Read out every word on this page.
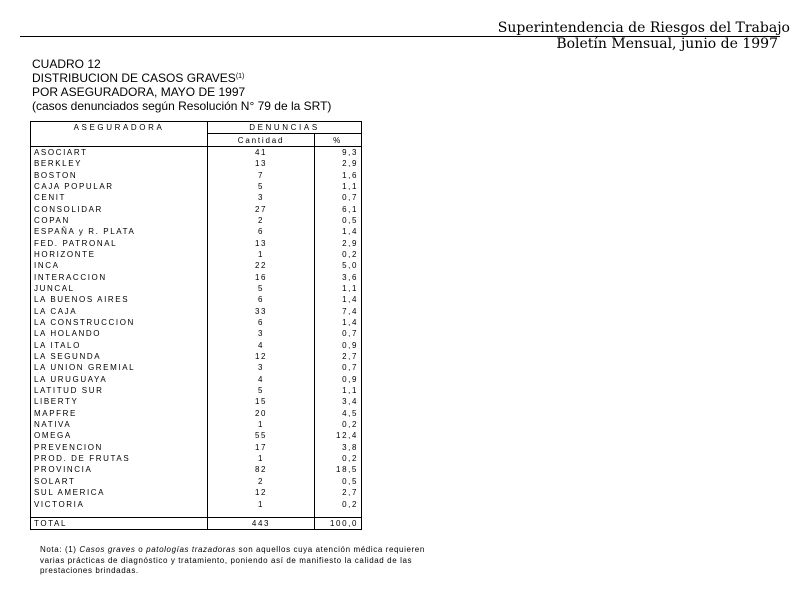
Superintendencia de Riesgos del Trabajo
Boletín Mensual, junio de 1997
CUADRO 12
DISTRIBUCION DE CASOS GRAVES$^{(1)}$
POR ASEGURADORA, MAYO DE 1997
(casos denunciados según Resolución N° 79 de la SRT)
ASEGURADORA	DENUNCIAS	
	Cantidad	%
ASOCIART	41	9,3
BERKLEY	13	2,9
BOSTON	7	1,6
CAJA POPULAR	5	1,1
CENIT	3	0,7
CONSOLIDAR	27	6,1
COPAN	2	0,5
ESPAÑA y R. PLATA	6	1,4
FED. PATRONAL	13	2,9
HORIZONTE	1	0,2
INCA	22	5,0
INTERACCION	16	3,6
JUNCAL	5	1,1
LA BUENOS AIRES	6	1,4
LA CAJA	33	7,4
LA CONSTRUCCION	6	1,4
LA HOLANDO	3	0,7
LA ITALO	4	0,9
LA SEGUNDA	12	2,7
LA UNION GREMIAL	3	0,7
LA URUGUAYA	4	0,9
LATITUD SUR	5	1,1
LIBERTY	15	3,4
MAPFRE	20	4,5
NATIVA	1	0,2
OMEGA	55	12,4
PREVENCION	17	3,8
PROD. DE FRUTAS	1	0,2
PROVINCIA	82	18,5
SOLART	2	0,5
SUL AMERICA	12	2,7
VICTORIA	1	0,2

TOTAL	443	100,0
Nota: (1) Casos graves o patologías trazadoras son aquellos cuya atención médica requieren
varias prácticas de diagnóstico y tratamiento, poniendo así de manifiesto la calidad de las
prestaciones brindadas.
